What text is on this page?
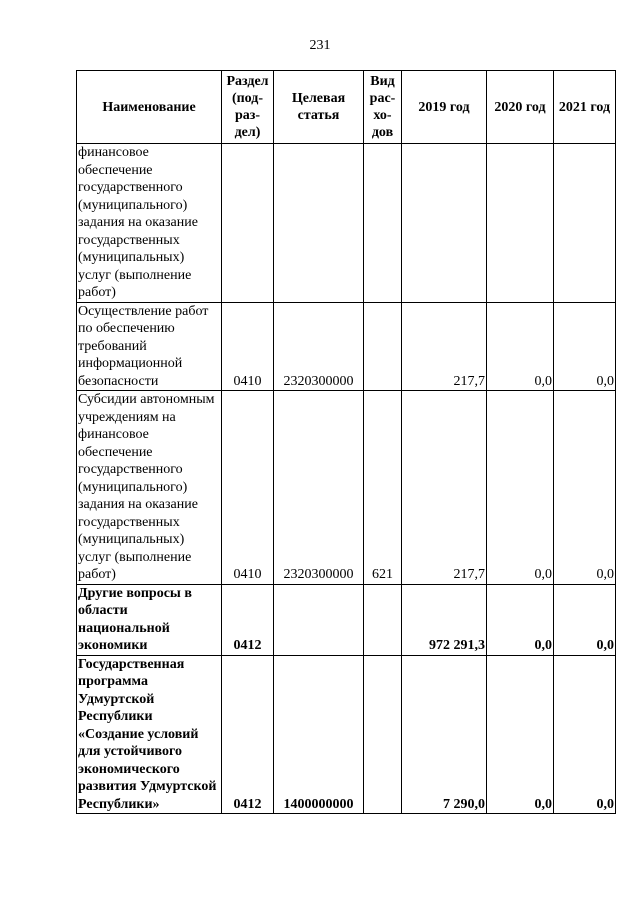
231
Наименование	Раздел (под-раз-дел)	Целевая статья	Вид рас-хо-дов	2019 год	2020 год	2021 год
финансовое обеспечение государственного (муниципального) задания на оказание государственных (муниципальных) услуг (выполнение работ)						
Осуществление работ по обеспечению требований информационной безопасности	0410	2320300000		217,7	0,0	0,0
Субсидии автономным учреждениям на финансовое обеспечение государственного (муниципального) задания на оказание государственных (муниципальных) услуг (выполнение работ)	0410	2320300000	621	217,7	0,0	0,0
Другие вопросы в области национальной экономики	0412			972 291,3	0,0	0,0
Государственная программа Удмуртской Республики «Создание условий для устойчивого экономического развития Удмуртской Республики»	0412	1400000000		7 290,0	0,0	0,0
